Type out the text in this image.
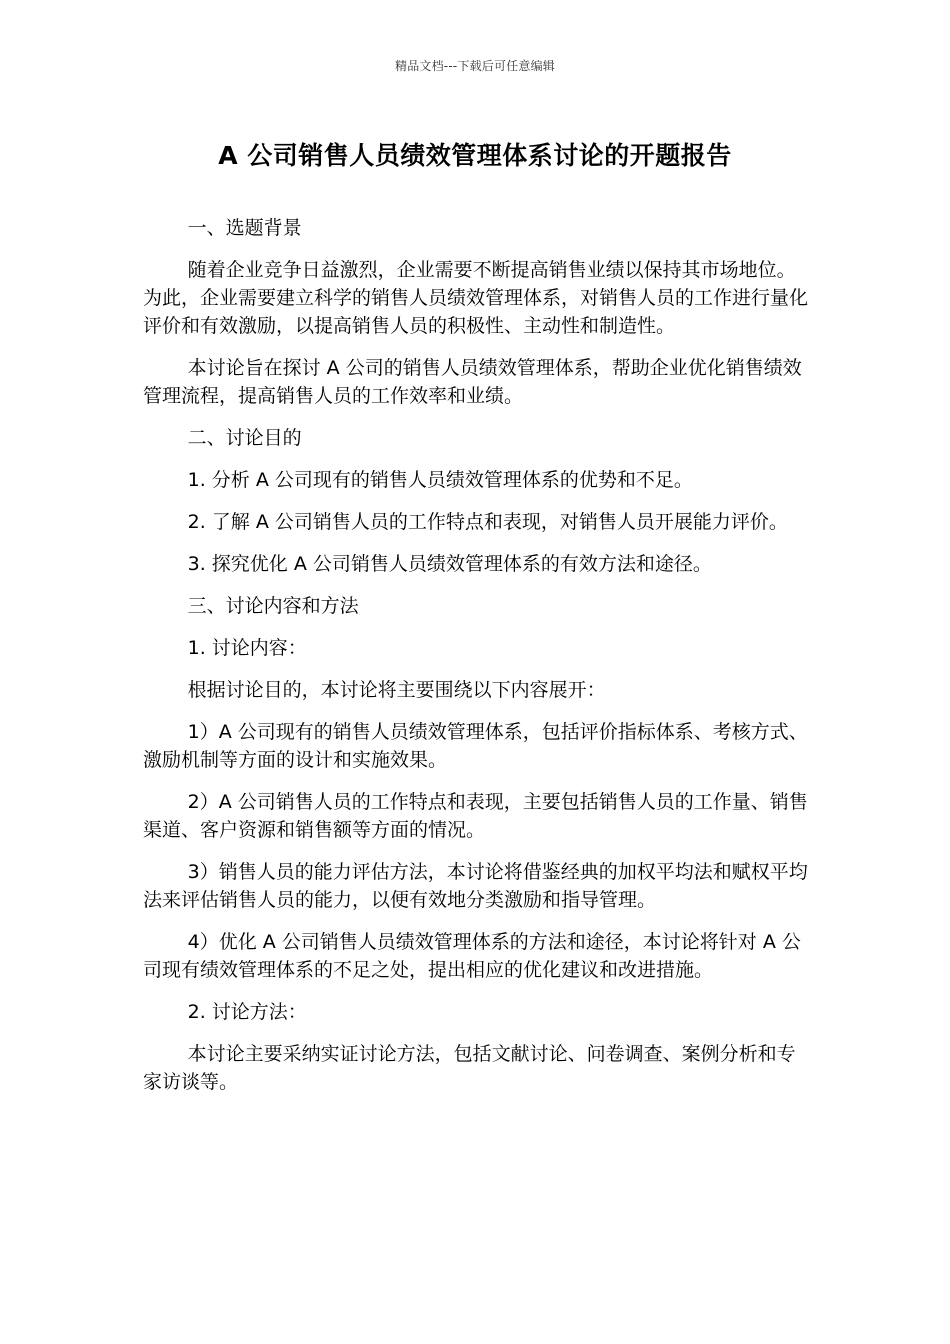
精品文档---下载后可任意编辑
A 公司销售人员绩效管理体系讨论的开题报告

一、选题背景

随着企业竞争日益激烈，企业需要不断提高销售业绩以保持其市场地位。为此，企业需要建立科学的销售人员绩效管理体系，对销售人员的工作进行量化评价和有效激励，以提高销售人员的积极性、主动性和制造性。

本讨论旨在探讨 A 公司的销售人员绩效管理体系，帮助企业优化销售绩效管理流程，提高销售人员的工作效率和业绩。

二、讨论目的

1. 分析 A 公司现有的销售人员绩效管理体系的优势和不足。

2. 了解 A 公司销售人员的工作特点和表现，对销售人员开展能力评价。

3. 探究优化 A 公司销售人员绩效管理体系的有效方法和途径。

三、讨论内容和方法

1. 讨论内容：

根据讨论目的，本讨论将主要围绕以下内容展开：

1）A 公司现有的销售人员绩效管理体系，包括评价指标体系、考核方式、激励机制等方面的设计和实施效果。

2）A 公司销售人员的工作特点和表现，主要包括销售人员的工作量、销售渠道、客户资源和销售额等方面的情况。

3）销售人员的能力评估方法，本讨论将借鉴经典的加权平均法和赋权平均法来评估销售人员的能力，以便有效地分类激励和指导管理。

4）优化 A 公司销售人员绩效管理体系的方法和途径，本讨论将针对 A 公司现有绩效管理体系的不足之处，提出相应的优化建议和改进措施。

2. 讨论方法：

本讨论主要采纳实证讨论方法，包括文献讨论、问卷调查、案例分析和专家访谈等。
